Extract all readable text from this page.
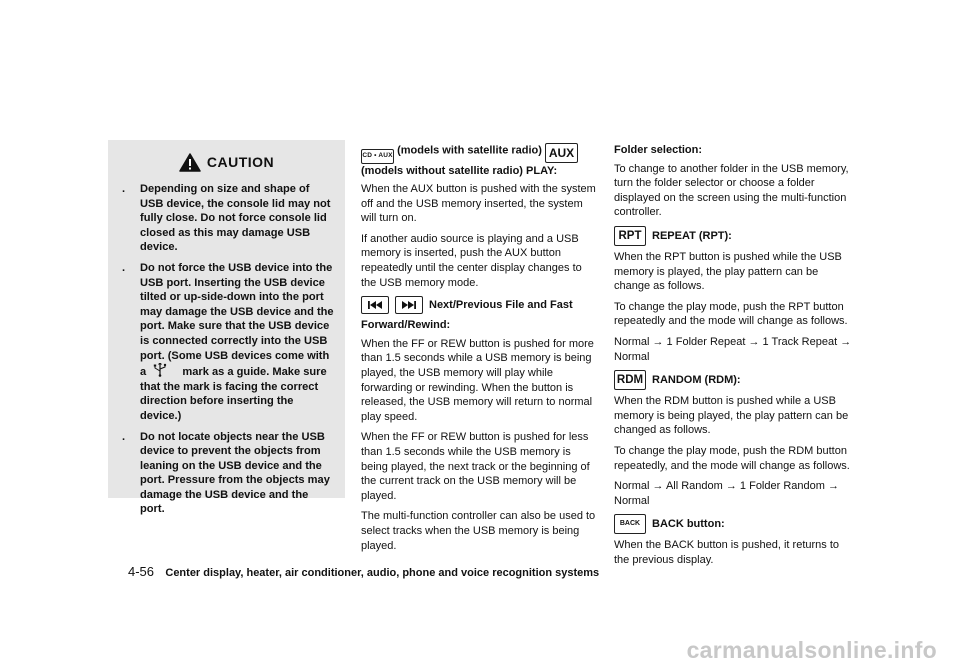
CAUTION
. Depending on size and shape of USB device, the console lid may not fully close. Do not force console lid closed as this may damage USB device.
. Do not force the USB device into the USB port. Inserting the USB device tilted or up-side-down into the port may damage the USB device and the port. Make sure that the USB device is connected correctly into the USB port. (Some USB devices come with a	mark as a guide. Make sure that the mark is facing the correct direction before inserting the device.)
. Do not locate objects near the USB device to prevent the objects from leaning on the USB device and the port. Pressure from the objects may damage the USB device and the port.
CD • AUX (models with satellite radio) AUX
(models without satellite radio) PLAY:

When the AUX button is pushed with the system off and the USB memory inserted, the system will turn on.

If another audio source is playing and a USB memory is inserted, push the AUX button repeatedly until the center display changes to the USB memory mode.

Next/Previous File and Fast
Forward/Rewind:

When the FF or REW button is pushed for more than 1.5 seconds while a USB memory is being played, the USB memory will play while forwarding or rewinding. When the button is released, the USB memory will return to normal play speed.

When the FF or REW button is pushed for less than 1.5 seconds while the USB memory is being played, the next track or the beginning of the current track on the USB memory will be played.

The multi-function controller can also be used to select tracks when the USB memory is being played.

Folder selection:

To change to another folder in the USB memory, turn the folder selector or choose a folder displayed on the screen using the multi-function controller.

RPT REPEAT (RPT):

When the RPT button is pushed while the USB memory is played, the play pattern can be change as follows.

To change the play mode, push the RPT button repeatedly and the mode will change as follows.

Normal → 1 Folder Repeat → 1 Track Repeat → Normal

RDM RANDOM (RDM):

When the RDM button is pushed while a USB memory is being played, the play pattern can be changed as follows.

To change the play mode, push the RDM button repeatedly, and the mode will change as follows.

Normal → All Random → 1 Folder Random → Normal

BACK	BACK button:

When the BACK button is pushed, it returns to the previous display.

4-56 Center display, heater, air conditioner, audio, phone and voice recognition systems
carmanualsonline.info
